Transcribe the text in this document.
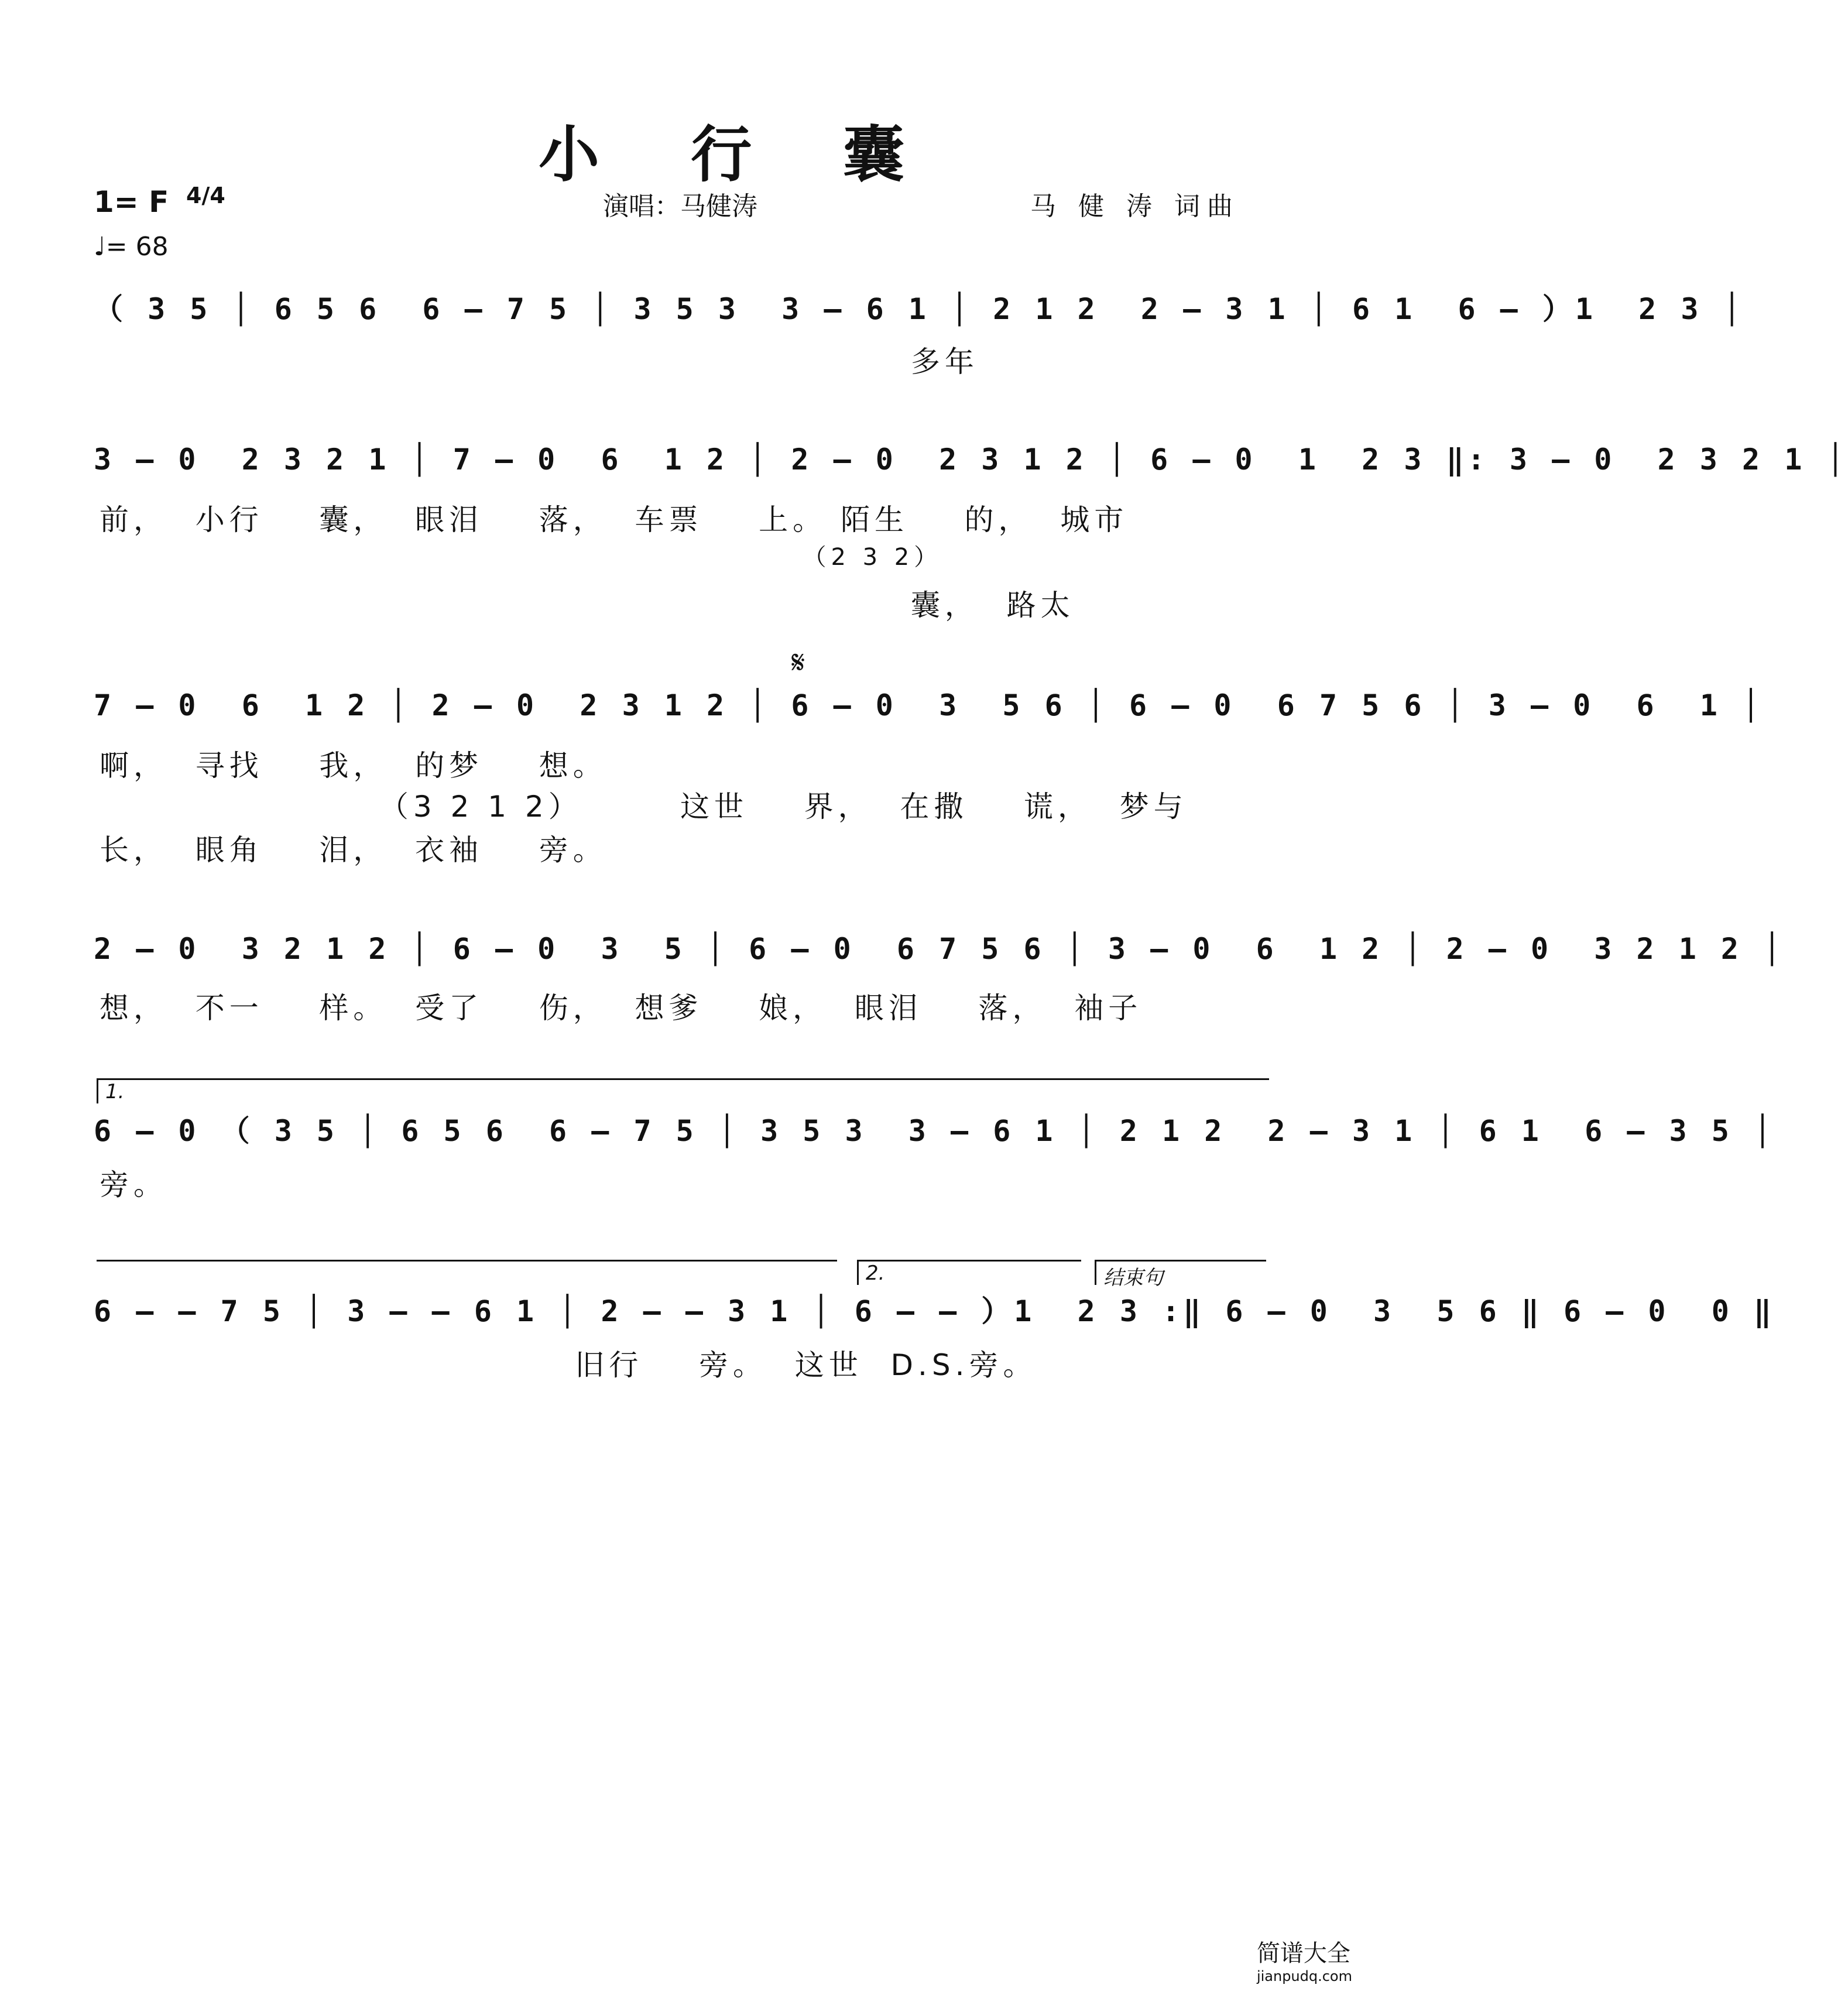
小 行 囊
1= F 4/4
♩= 68
演唱：马健涛	马 健 涛 词曲
（ 3 5 │ 6 5 6  6 – 7 5 │ 3 5 3  3 – 6 1 │ 2 1 2  2 – 3 1 │ 6 1  6 – ）1  2 3 │
多年
3 – 0  2 3 2 1 │ 7 – 0  6  1 2 │ 2 – 0  2 3 1 2 │ 6 – 0  1  2 3 ‖: 3 – 0  2 3 2 1 │
前，  小行    囊，  眼泪    落，  车票    上。 陌生    的，  城市
（2 3 2）
囊，  路太
𝄋
7 – 0  6  1 2 │ 2 – 0  2 3 1 2 │ 6 – 0  3  5 6 │ 6 – 0  6 7 5 6 │ 3 – 0  6  1 │
啊，  寻找    我，  的梦    想。
（3 2 1 2）       这世    界，  在撒    谎，  梦与
长，  眼角    泪，  衣袖    旁。
2 – 0  3 2 1 2 │ 6 – 0  3  5 │ 6 – 0  6 7 5 6 │ 3 – 0  6  1 2 │ 2 – 0  3 2 1 2 │
想，  不一    样。  受了    伤，  想爹    娘，  眼泪    落，  袖子
1.
6 – 0 （ 3 5 │ 6 5 6  6 – 7 5 │ 3 5 3  3 – 6 1 │ 2 1 2  2 – 3 1 │ 6 1  6 – 3 5 │
旁。
2.	结束句
6 – – 7 5 │ 3 – – 6 1 │ 2 – – 3 1 │ 6 – – ）1  2 3 :‖ 6 – 0  3  5 6 ‖ 6 – 0  0 ‖
旧行    旁。  这世  D.S.旁。
简谱大全
jianpudq.com
